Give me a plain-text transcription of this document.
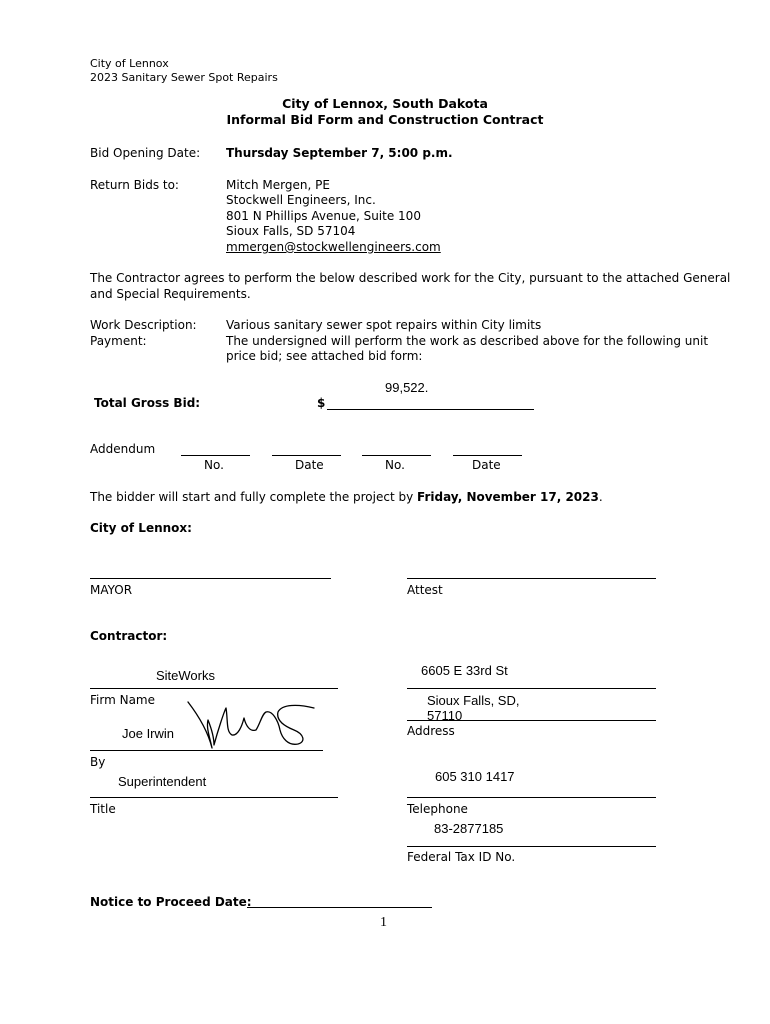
City of Lennox
2023 Sanitary Sewer Spot Repairs
City of Lennox, South Dakota
Informal Bid Form and Construction Contract
Bid Opening Date: Thursday September 7, 5:00 p.m.
Return Bids to:	Mitch Mergen, PE
Stockwell Engineers, Inc.
801 N Phillips Avenue, Suite 100
Sioux Falls, SD 57104
mmergen@stockwellengineers.com
The Contractor agrees to perform the below described work for the City, pursuant to the attached General
and Special Requirements.
Work Description: Various sanitary sewer spot repairs within City limits
Payment:	The undersigned will perform the work as described above for the following unit
price bid; see attached bid form:
99,522.
Total Gross Bid:	$
Addendum
No.	Date	No.	Date
The bidder will start and fully complete the project by Friday, November 17, 2023.
City of Lennox:
MAYOR	Attest
Contractor:
SiteWorks
Firm Name
6605 E 33rd St
Sioux Falls, SD,
57110
Address
Joe Irwin
By
Superintendent
Title
605 310 1417
Telephone
83-2877185
Federal Tax ID No.
Notice to Proceed Date:
1
